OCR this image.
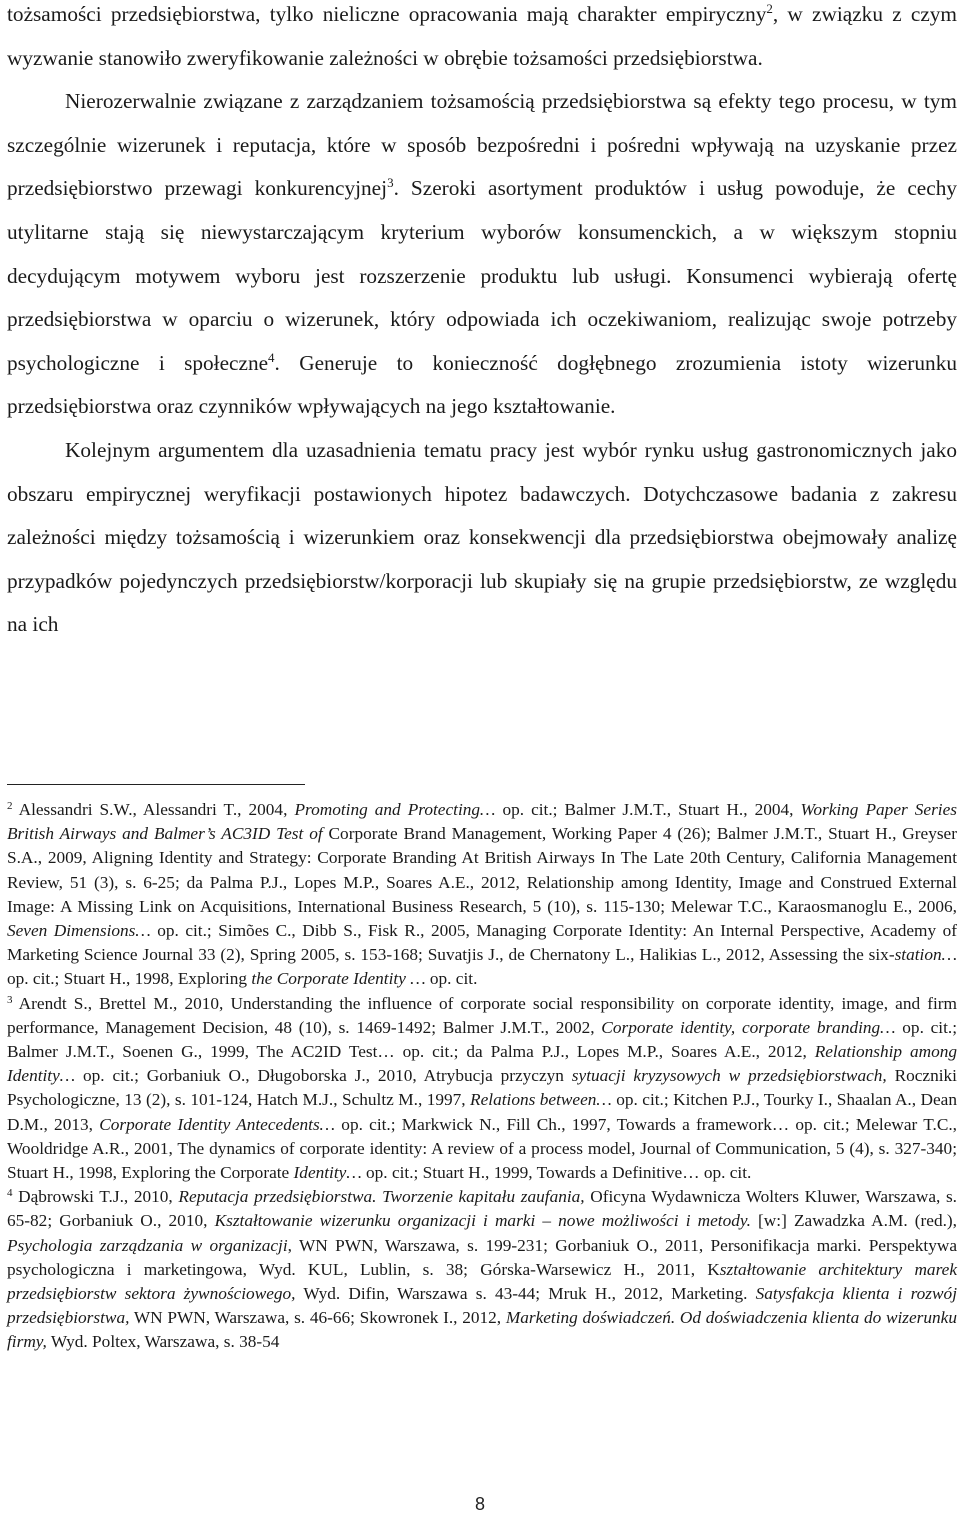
tożsamości przedsiębiorstwa, tylko nieliczne opracowania mają charakter empiryczny$^2$, w związku z czym wyzwanie stanowiło zweryfikowanie zależności w obrębie tożsamości przedsiębiorstwa.

Nierozerwalnie związane z zarządzaniem tożsamością przedsiębiorstwa są efekty tego procesu, w tym szczególnie wizerunek i reputacja, które w sposób bezpośredni i pośredni wpływają na uzyskanie przez przedsiębiorstwo przewagi konkurencyjnej$^3$. Szeroki asortyment produktów i usług powoduje, że cechy utylitarne stają się niewystarczającym kryterium wyborów konsumenckich, a w większym stopniu decydującym motywem wyboru jest rozszerzenie produktu lub usługi. Konsumenci wybierają ofertę przedsiębiorstwa w oparciu o wizerunek, który odpowiada ich oczekiwaniom, realizując swoje potrzeby psychologiczne i społeczne$^4$. Generuje to konieczność dogłębnego zrozumienia istoty wizerunku przedsiębiorstwa oraz czynników wpływających na jego kształtowanie.

Kolejnym argumentem dla uzasadnienia tematu pracy jest wybór rynku usług gastronomicznych jako obszaru empirycznej weryfikacji postawionych hipotez badawczych. Dotychczasowe badania z zakresu zależności między tożsamością i wizerunkiem oraz konsekwencji dla przedsiębiorstwa obejmowały analizę przypadków pojedynczych przedsiębiorstw/korporacji lub skupiały się na grupie przedsiębiorstw, ze względu na ich

$^2$ Alessandri S.W., Alessandri T., 2004, Promoting and Protecting… op. cit.; Balmer J.M.T., Stuart H., 2004, Working Paper Series British Airways and Balmer’s AC3ID Test of Corporate Brand Management, Working Paper 4 (26); Balmer J.M.T., Stuart H., Greyser S.A., 2009, Aligning Identity and Strategy: Corporate Branding At British Airways In The Late 20th Century, California Management Review, 51 (3), s. 6-25; da Palma P.J., Lopes M.P., Soares A.E., 2012, Relationship among Identity, Image and Construed External Image: A Missing Link on Acquisitions, International Business Research, 5 (10), s. 115-130; Melewar T.C., Karaosmanoglu E., 2006, Seven Dimensions… op. cit.; Simões C., Dibb S., Fisk R., 2005, Managing Corporate Identity: An Internal Perspective, Academy of Marketing Science Journal 33 (2), Spring 2005, s. 153-168; Suvatjis J., de Chernatony L., Halikias L., 2012, Assessing the six-station… op. cit.; Stuart H., 1998, Exploring the Corporate Identity … op. cit.

$^3$ Arendt S., Brettel M., 2010, Understanding the influence of corporate social responsibility on corporate identity, image, and firm performance, Management Decision, 48 (10), s. 1469-1492; Balmer J.M.T., 2002, Corporate identity, corporate branding… op. cit.; Balmer J.M.T., Soenen G., 1999, The AC2ID Test… op. cit.; da Palma P.J., Lopes M.P., Soares A.E., 2012, Relationship among Identity… op. cit.; Gorbaniuk O., Długoborska J., 2010, Atrybucja przyczyn sytuacji kryzysowych w przedsiębiorstwach, Roczniki Psychologiczne, 13 (2), s. 101-124, Hatch M.J., Schultz M., 1997, Relations between… op. cit.; Kitchen P.J., Tourky I., Shaalan A., Dean D.M., 2013, Corporate Identity Antecedents… op. cit.; Markwick N., Fill Ch., 1997, Towards a framework… op. cit.; Melewar T.C., Wooldridge A.R., 2001, The dynamics of corporate identity: A review of a process model, Journal of Communication, 5 (4), s. 327-340; Stuart H., 1998, Exploring the Corporate Identity… op. cit.; Stuart H., 1999, Towards a Definitive… op. cit.

$^4$ Dąbrowski T.J., 2010, Reputacja przedsiębiorstwa. Tworzenie kapitału zaufania, Oficyna Wydawnicza Wolters Kluwer, Warszawa, s. 65-82; Gorbaniuk O., 2010, Kształtowanie wizerunku organizacji i marki – nowe możliwości i metody. [w:] Zawadzka A.M. (red.), Psychologia zarządzania w organizacji, WN PWN, Warszawa, s. 199-231; Gorbaniuk O., 2011, Personifikacja marki. Perspektywa psychologiczna i marketingowa, Wyd. KUL, Lublin, s. 38; Górska-Warsewicz H., 2011, Kształtowanie architektury marek przedsiębiorstw sektora żywnościowego, Wyd. Difin, Warszawa s. 43-44; Mruk H., 2012, Marketing. Satysfakcja klienta i rozwój przedsiębiorstwa, WN PWN, Warszawa, s. 46-66; Skowronek I., 2012, Marketing doświadczeń. Od doświadczenia klienta do wizerunku firmy, Wyd. Poltex, Warszawa, s. 38-54

8
